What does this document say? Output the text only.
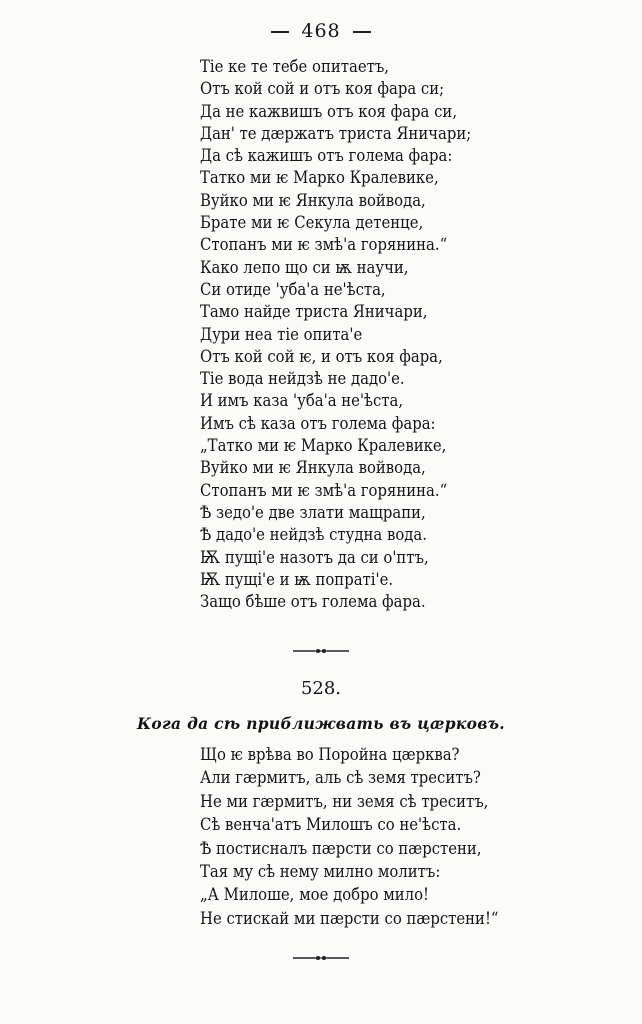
468
Тіе ке те тебе опитаетъ,
Отъ кой сой и отъ коя фара си;
Да не кажвишъ отъ коя фара си,
Дан' те дæржатъ триста Яничари;
Да сѣ кажишъ отъ голема фара:
Татко ми ѥ Марко Кралевике,
Вуйко ми ѥ Янкула войвода,
Брате ми ѥ Секула детенце,
Стопанъ ми ѥ змѣ'а горянина.“
Како лепо що си ѭ научи,
Си отиде 'уба'а не'ѣста,
Тамо найде триста Яничари,
Дури неа тіе опита'е
Отъ кой сой ѥ, и отъ коя фара,
Тіе вода нейдзѣ не дадо'е.
И имъ каза 'уба'а не'ѣста,
Имъ сѣ каза отъ голема фара:
„Татко ми ѥ Марко Кралевике,
Вуйко ми ѥ Янкула войвода,
Стопанъ ми ѥ змѣ'а горянина.“
Ѣ зедо'е две злати мащрапи,
Ѣ дадо'е нейдзѣ студна вода.
Ѭ пущі'е назотъ да си о'птъ,
Ѭ пущі'е и ѭ попраті'е.
Защо бѣше отъ голема фара.
528.
Кога да сѣ приближвать въ цæрковъ.
Що ѥ врѣва во Поройна цæрква?
Али гæрмитъ, аль сѣ земя треситъ?
Не ми гæрмитъ, ни земя сѣ треситъ,
Сѣ венча'атъ Милошъ со не'ѣста.
Ѣ постисналъ пæрсти со пæрстени,
Тая му сѣ нему милно молитъ:
„А Милоше, мое добро мило!
Не стискай ми пæрсти со пæрстени!“
